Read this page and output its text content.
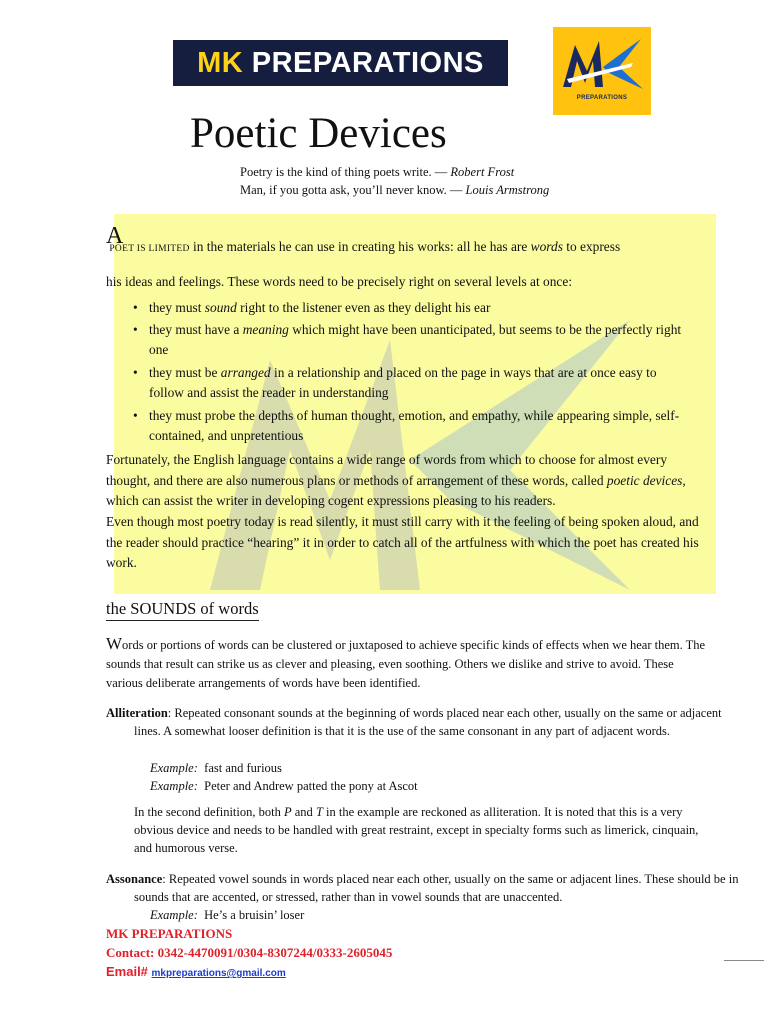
MK PREPARATIONS
PREPARATIONS
Poetic Devices
Poetry is the kind of thing poets write. — Robert Frost
Man, if you gotta ask, you’ll never know. — Louis Armstrong
APOET IS LIMITED in the materials he can use in creating his works: all he has are words to express
his ideas and feelings. These words need to be precisely right on several levels at once:
• they must sound right to the listener even as they delight his ear
• they must have a meaning which might have been unanticipated, but seems to be the perfectly right one
• they must be arranged in a relationship and placed on the page in ways that are at once easy to follow and assist the reader in understanding
• they must probe the depths of human thought, emotion, and empathy, while appearing simple, self-contained, and unpretentious
Fortunately, the English language contains a wide range of words from which to choose for almost every thought, and there are also numerous plans or methods of arrangement of these words, called poetic devices, which can assist the writer in developing cogent expressions pleasing to his readers.
Even though most poetry today is read silently, it must still carry with it the feeling of being spoken aloud, and the reader should practice “hearing” it in order to catch all of the artfulness with which the poet has created his work.
the SOUNDS of words
Words or portions of words can be clustered or juxtaposed to achieve specific kinds of effects when we hear them. The sounds that result can strike us as clever and pleasing, even soothing. Others we dislike and strive to avoid. These various deliberate arrangements of words have been identified.
Alliteration: Repeated consonant sounds at the beginning of words placed near each other, usually on the same or adjacent lines. A somewhat looser definition is that it is the use of the same consonant in any part of adjacent words.
Example: fast and furious
Example: Peter and Andrew patted the pony at Ascot
In the second definition, both P and T in the example are reckoned as alliteration. It is noted that this is a very obvious device and needs to be handled with great restraint, except in specialty forms such as limerick, cinquain, and humorous verse.
Assonance: Repeated vowel sounds in words placed near each other, usually on the same or adjacent lines. These should be in sounds that are accented, or stressed, rather than in vowel sounds that are unaccented.
Example: He’s a bruisin’ loser
MK PREPARATIONS
Contact: 0342-4470091/0304-8307244/0333-2605045
Email# mkpreparations@gmail.com
